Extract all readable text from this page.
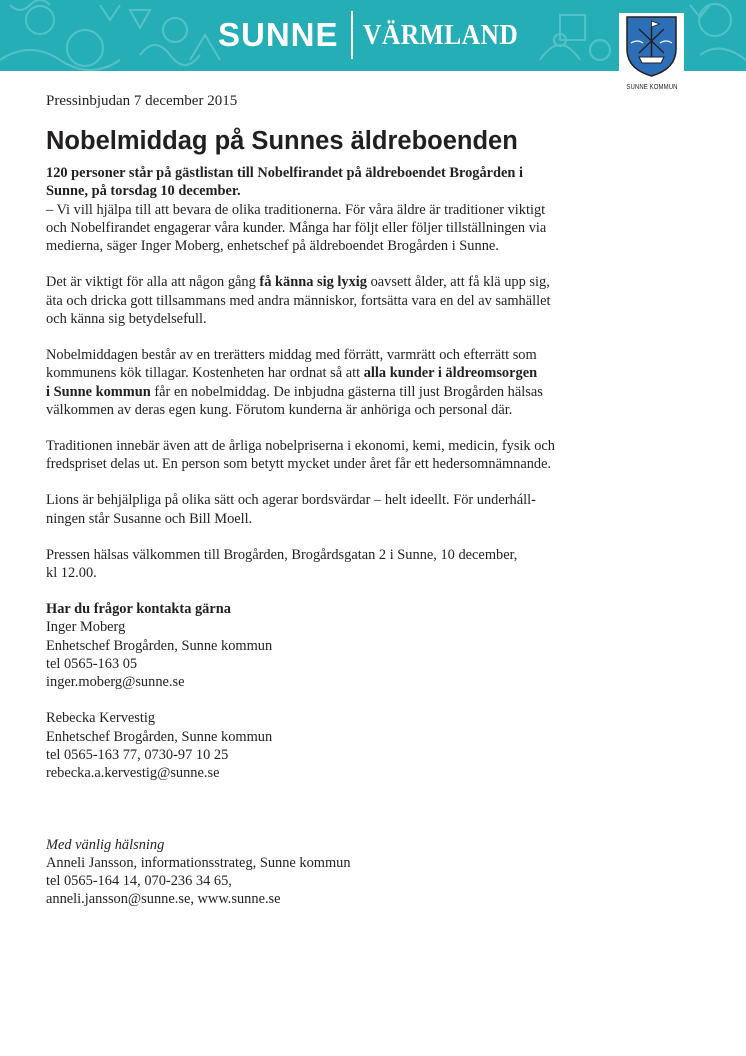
SUNNE VÄRMLAND
SUNNE KOMMUN
Pressinbjudan 7 december 2015
Nobelmiddag på Sunnes äldreboenden

120 personer står på gästlistan till Nobelfirandet på äldreboendet Brogården i
Sunne, på torsdag 10 december.

– Vi vill hjälpa till att bevara de olika traditionerna. För våra äldre är traditioner viktigt
och Nobelfirandet engagerar våra kunder. Många har följt eller följer tillställningen via
medierna, säger Inger Moberg, enhetschef på äldreboendet Brogården i Sunne.

Det är viktigt för alla att någon gång få känna sig lyxig oavsett ålder, att få klä upp sig,
äta och dricka gott tillsammans med andra människor, fortsätta vara en del av samhället
och känna sig betydelsefull.

Nobelmiddagen består av en trerätters middag med förrätt, varmrätt och efterrätt som
kommunens kök tillagar. Kostenheten har ordnat så att alla kunder i äldreomsorgen
i Sunne kommun får en nobelmiddag. De inbjudna gästerna till just Brogården hälsas
välkommen av deras egen kung. Förutom kunderna är anhöriga och personal där.

Traditionen innebär även att de årliga nobelpriserna i ekonomi, kemi, medicin, fysik och
fredspriset delas ut. En person som betytt mycket under året får ett hedersomnämnande.

Lions är behjälpliga på olika sätt och agerar bordsvärdar – helt ideellt. För underháll-
ningen står Susanne och Bill Moell.

Pressen hälsas välkommen till Brogården, Brogårdsgatan 2 i Sunne, 10 december,
kl 12.00.

Har du frågor kontakta gärna
Inger Moberg
Enhetschef Brogården, Sunne kommun
tel 0565-163 05
inger.moberg@sunne.se

Rebecka Kervestig
Enhetschef Brogården, Sunne kommun
tel 0565-163 77, 0730-97 10 25
rebecka.a.kervestig@sunne.se

Med vänlig hälsning
Anneli Jansson, informationsstrateg, Sunne kommun
tel 0565-164 14, 070-236 34 65,
anneli.jansson@sunne.se, www.sunne.se
